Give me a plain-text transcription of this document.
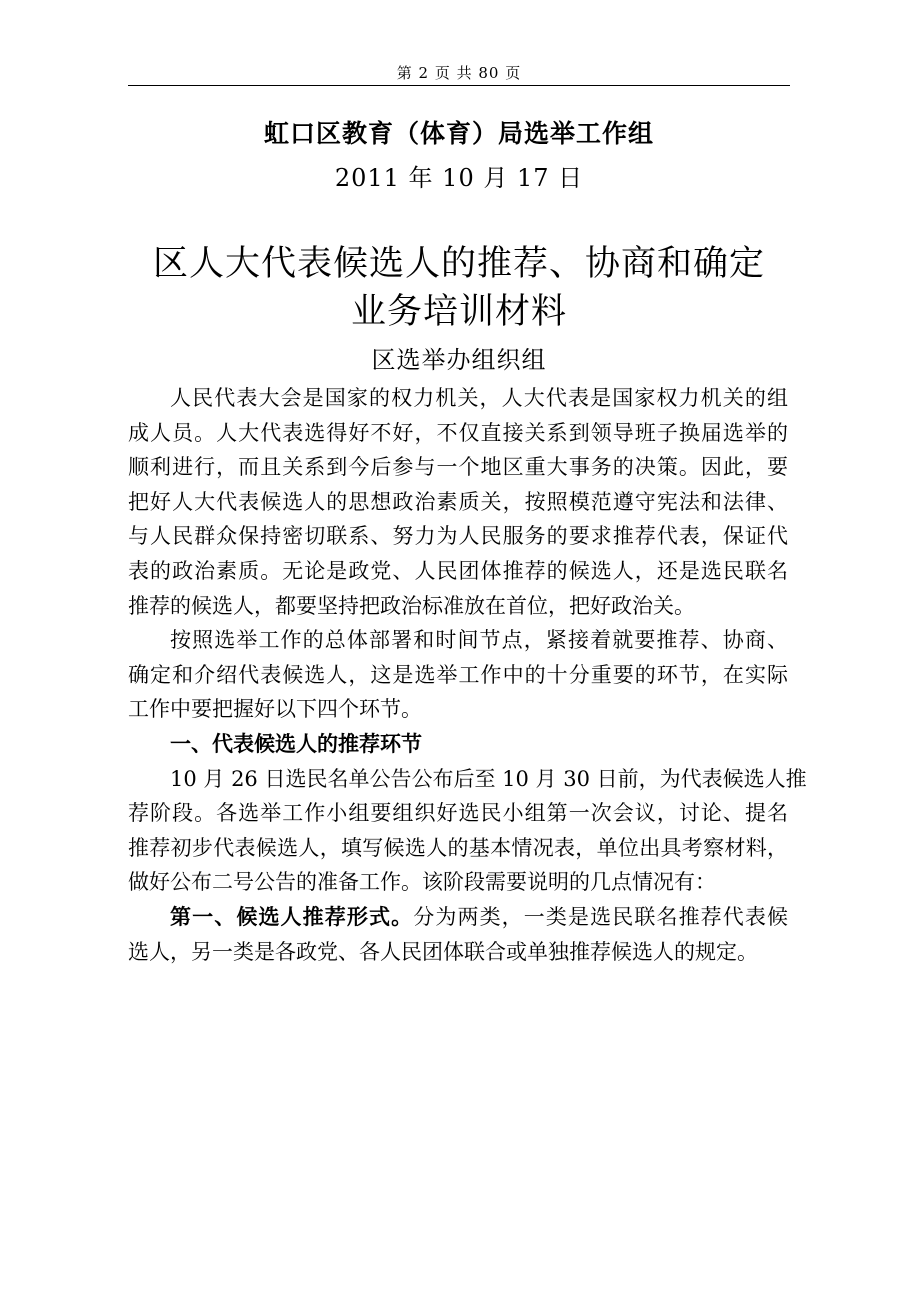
第 2 页 共 80 页
虹口区教育（体育）局选举工作组
2011 年 10 月 17 日
区人大代表候选人的推荐、协商和确定
业务培训材料
区选举办组织组
人民代表大会是国家的权力机关，人大代表是国家权力机关的组
成人员。人大代表选得好不好，不仅直接关系到领导班子换届选举的
顺利进行，而且关系到今后参与一个地区重大事务的决策。因此，要
把好人大代表候选人的思想政治素质关，按照模范遵守宪法和法律、
与人民群众保持密切联系、努力为人民服务的要求推荐代表，保证代
表的政治素质。无论是政党、人民团体推荐的候选人，还是选民联名
推荐的候选人，都要坚持把政治标准放在首位，把好政治关。
按照选举工作的总体部署和时间节点，紧接着就要推荐、协商、
确定和介绍代表候选人，这是选举工作中的十分重要的环节，在实际
工作中要把握好以下四个环节。
一、代表候选人的推荐环节
10 月 26 日选民名单公告公布后至 10 月 30 日前，为代表候选人推
荐阶段。各选举工作小组要组织好选民小组第一次会议，讨论、提名
推荐初步代表候选人，填写候选人的基本情况表，单位出具考察材料，
做好公布二号公告的准备工作。该阶段需要说明的几点情况有：
第一、候选人推荐形式。分为两类，一类是选民联名推荐代表候
选人，另一类是各政党、各人民团体联合或单独推荐候选人的规定。
